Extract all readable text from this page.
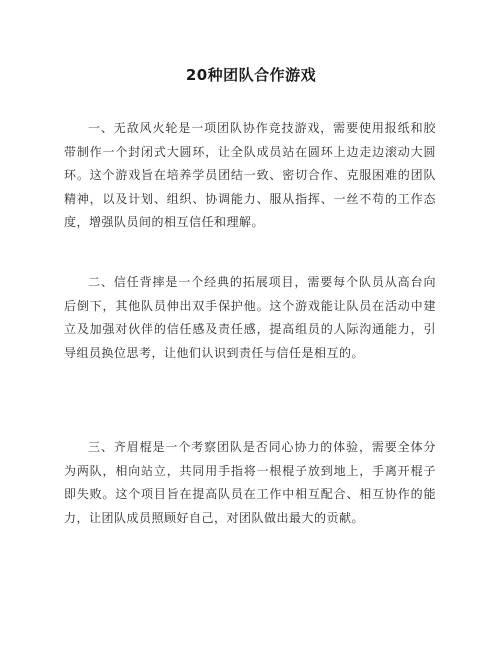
20种团队合作游戏

一、无敌风火轮是一项团队协作竞技游戏，需要使用报纸和胶带制作一个封闭式大圆环，让全队成员站在圆环上边走边滚动大圆环。这个游戏旨在培养学员团结一致、密切合作、克服困难的团队精神，以及计划、组织、协调能力、服从指挥、一丝不苟的工作态度，增强队员间的相互信任和理解。

二、信任背摔是一个经典的拓展项目，需要每个队员从高台向后倒下，其他队员伸出双手保护他。这个游戏能让队员在活动中建立及加强对伙伴的信任感及责任感，提高组员的人际沟通能力，引导组员换位思考，让他们认识到责任与信任是相互的。

三、齐眉棍是一个考察团队是否同心协力的体验，需要全体分为两队，相向站立，共同用手指将一根棍子放到地上，手离开棍子即失败。这个项目旨在提高队员在工作中相互配合、相互协作的能力，让团队成员照顾好自己，对团队做出最大的贡献。
